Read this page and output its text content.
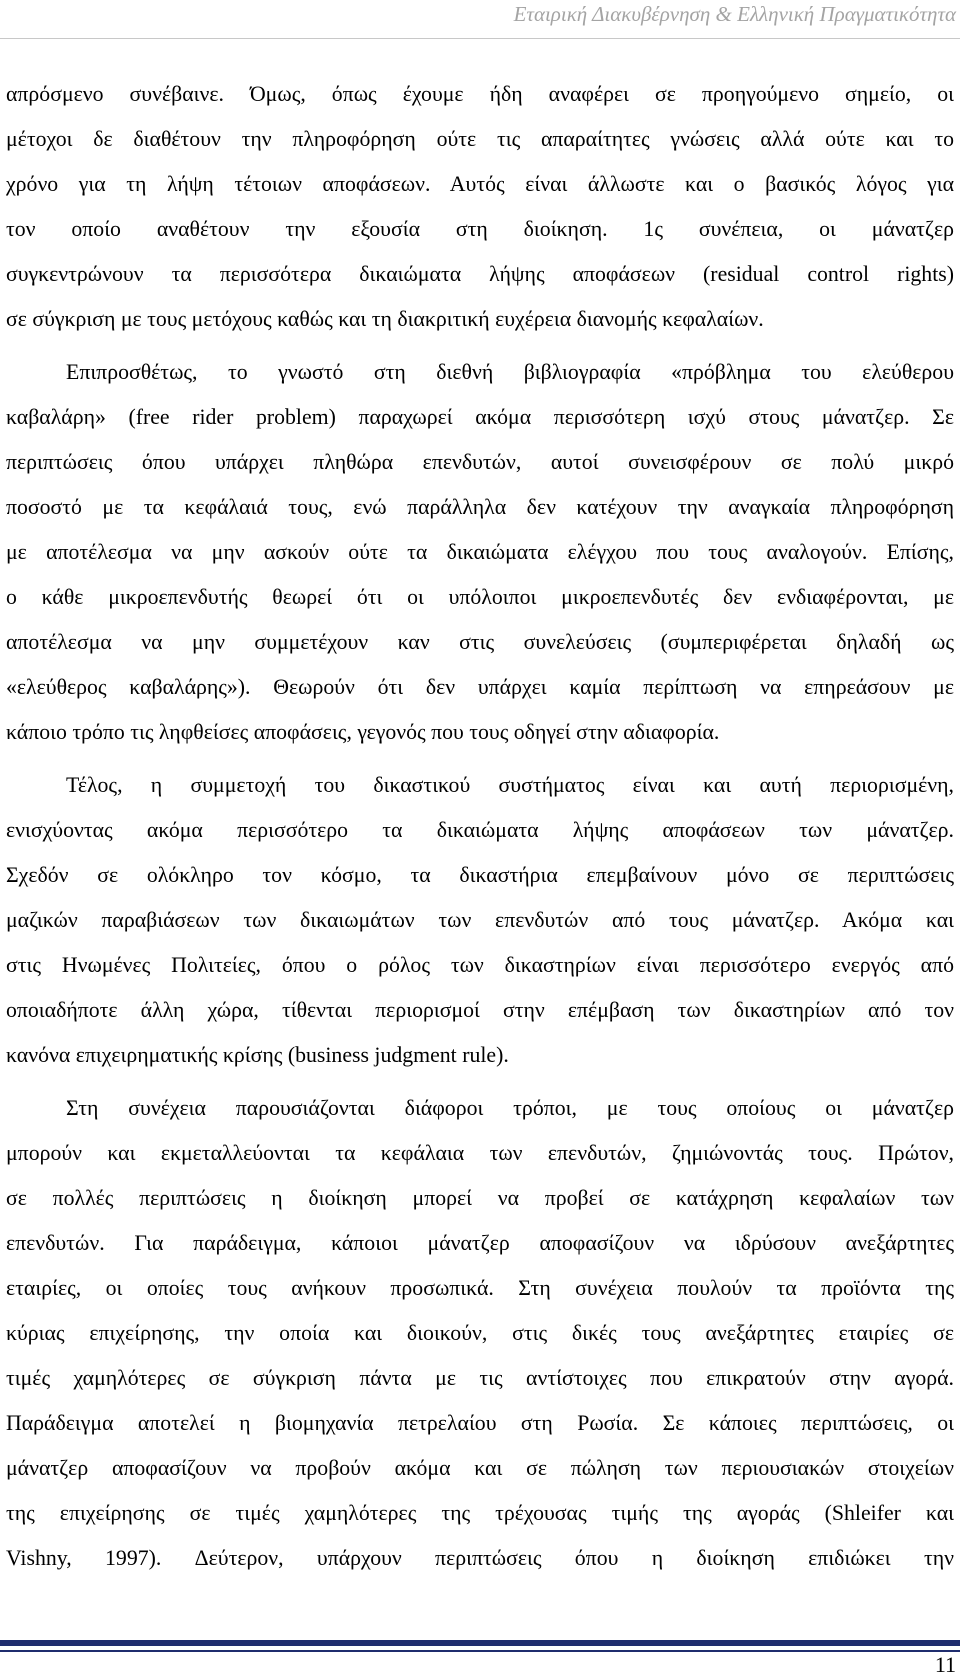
Εταιρική Διακυβέρνηση & Ελληνική Πραγματικότητα

απρόσμενο συνέβαινε. Όμως, όπως έχουμε ήδη αναφέρει σε προηγούμενο σημείο, οι
μέτοχοι δε διαθέτουν την πληροφόρηση ούτε τις απαραίτητες γνώσεις αλλά ούτε και το
χρόνο για τη λήψη τέτοιων αποφάσεων. Αυτός είναι άλλωστε και ο βασικός λόγος για
τον οποίο αναθέτουν την εξουσία στη διοίκηση. 1ς συνέπεια, οι μάνατζερ
συγκεντρώνουν τα περισσότερα δικαιώματα λήψης αποφάσεων (residual control rights)
σε σύγκριση με τους μετόχους καθώς και τη διακριτική ευχέρεια διανομής κεφαλαίων.

Επιπροσθέτως, το γνωστό στη διεθνή βιβλιογραφία «πρόβλημα του ελεύθερου
καβαλάρη» (free rider problem) παραχωρεί ακόμα περισσότερη ισχύ στους μάνατζερ. Σε
περιπτώσεις όπου υπάρχει πληθώρα επενδυτών, αυτοί συνεισφέρουν σε πολύ μικρό
ποσοστό με τα κεφάλαιά τους, ενώ παράλληλα δεν κατέχουν την αναγκαία πληροφόρηση
με αποτέλεσμα να μην ασκούν ούτε τα δικαιώματα ελέγχου που τους αναλογούν. Επίσης,
ο κάθε μικροεπενδυτής θεωρεί ότι οι υπόλοιποι μικροεπενδυτές δεν ενδιαφέρονται, με
αποτέλεσμα να μην συμμετέχουν καν στις συνελεύσεις (συμπεριφέρεται δηλαδή ως
«ελεύθερος καβαλάρης»). Θεωρούν ότι δεν υπάρχει καμία περίπτωση να επηρεάσουν με
κάποιο τρόπο τις ληφθείσες αποφάσεις, γεγονός που τους οδηγεί στην αδιαφορία.

Τέλος, η συμμετοχή του δικαστικού συστήματος είναι και αυτή περιορισμένη,
ενισχύοντας ακόμα περισσότερο τα δικαιώματα λήψης αποφάσεων των μάνατζερ.
Σχεδόν σε ολόκληρο τον κόσμο, τα δικαστήρια επεμβαίνουν μόνο σε περιπτώσεις
μαζικών παραβιάσεων των δικαιωμάτων των επενδυτών από τους μάνατζερ. Ακόμα και
στις Ηνωμένες Πολιτείες, όπου ο ρόλος των δικαστηρίων είναι περισσότερο ενεργός από
οποιαδήποτε άλλη χώρα, τίθενται περιορισμοί στην επέμβαση των δικαστηρίων από τον
κανόνα επιχειρηματικής κρίσης (business judgment rule).

Στη συνέχεια παρουσιάζονται διάφοροι τρόποι, με τους οποίους οι μάνατζερ
μπορούν και εκμεταλλεύονται τα κεφάλαια των επενδυτών, ζημιώνοντάς τους. Πρώτον,
σε πολλές περιπτώσεις η διοίκηση μπορεί να προβεί σε κατάχρηση κεφαλαίων των
επενδυτών. Για παράδειγμα, κάποιοι μάνατζερ αποφασίζουν να ιδρύσουν ανεξάρτητες
εταιρίες, οι οποίες τους ανήκουν προσωπικά. Στη συνέχεια πουλούν τα προϊόντα της
κύριας επιχείρησης, την οποία και διοικούν, στις δικές τους ανεξάρτητες εταιρίες σε
τιμές χαμηλότερες σε σύγκριση πάντα με τις αντίστοιχες που επικρατούν στην αγορά.
Παράδειγμα αποτελεί η βιομηχανία πετρελαίου στη Ρωσία. Σε κάποιες περιπτώσεις, οι
μάνατζερ αποφασίζουν να προβούν ακόμα και σε πώληση των περιουσιακών στοιχείων
της επιχείρησης σε τιμές χαμηλότερες της τρέχουσας τιμής της αγοράς (Shleifer και
Vishny, 1997). Δεύτερον, υπάρχουν περιπτώσεις όπου η διοίκηση επιδιώκει την

11
